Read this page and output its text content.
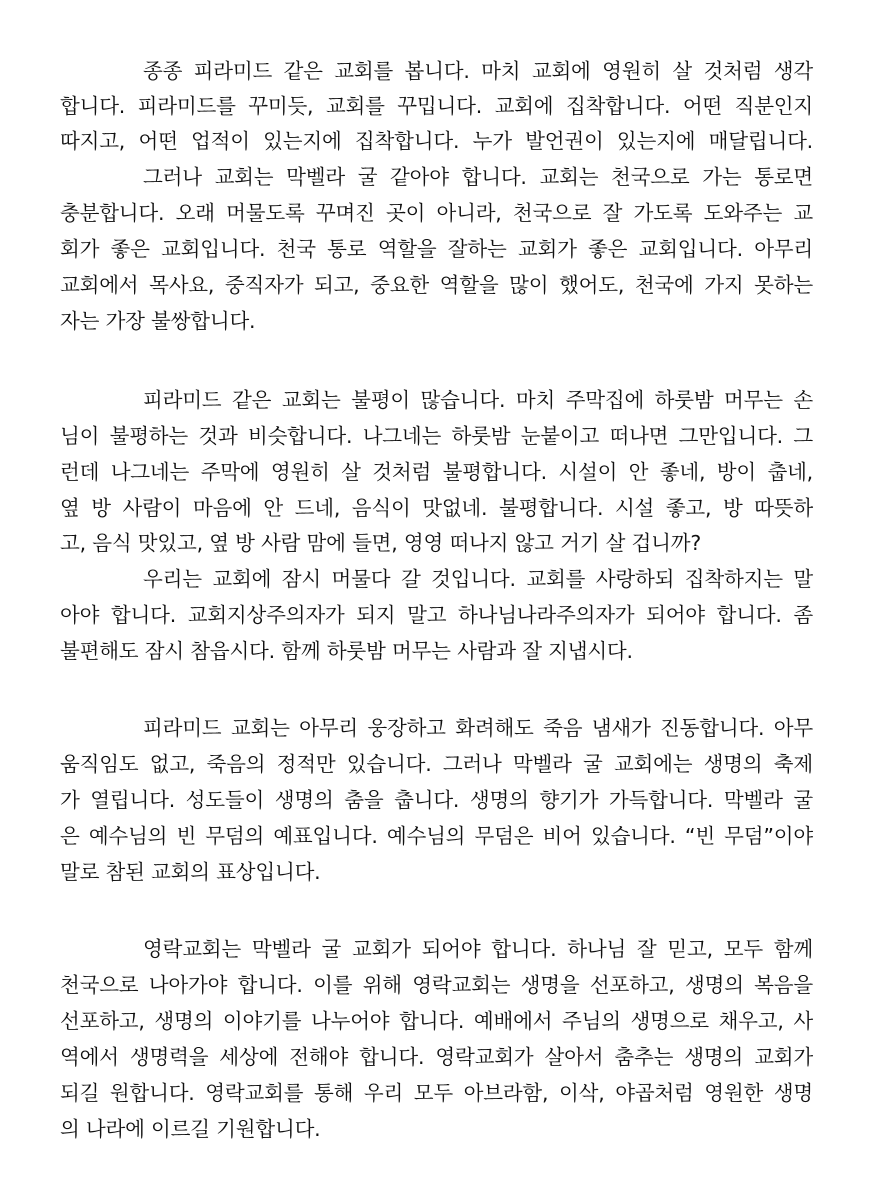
종종 피라미드 같은 교회를 봅니다. 마치 교회에 영원히 살 것처럼 생각
합니다. 피라미드를 꾸미듯, 교회를 꾸밉니다. 교회에 집착합니다. 어떤 직분인지
따지고, 어떤 업적이 있는지에 집착합니다. 누가 발언권이 있는지에 매달립니다.
그러나 교회는 막벨라 굴 같아야 합니다. 교회는 천국으로 가는 통로면
충분합니다. 오래 머물도록 꾸며진 곳이 아니라, 천국으로 잘 가도록 도와주는 교
회가 좋은 교회입니다. 천국 통로 역할을 잘하는 교회가 좋은 교회입니다. 아무리
교회에서 목사요, 중직자가 되고, 중요한 역할을 많이 했어도, 천국에 가지 못하는
자는 가장 불쌍합니다.
피라미드 같은 교회는 불평이 많습니다. 마치 주막집에 하룻밤 머무는 손
님이 불평하는 것과 비슷합니다. 나그네는 하룻밤 눈붙이고 떠나면 그만입니다. 그
런데 나그네는 주막에 영원히 살 것처럼 불평합니다. 시설이 안 좋네, 방이 춥네,
옆 방 사람이 마음에 안 드네, 음식이 맛없네. 불평합니다. 시설 좋고, 방 따뜻하
고, 음식 맛있고, 옆 방 사람 맘에 들면, 영영 떠나지 않고 거기 살 겁니까?
우리는 교회에 잠시 머물다 갈 것입니다. 교회를 사랑하되 집착하지는 말
아야 합니다. 교회지상주의자가 되지 말고 하나님나라주의자가 되어야 합니다. 좀
불편해도 잠시 참읍시다. 함께 하룻밤 머무는 사람과 잘 지냅시다.
피라미드 교회는 아무리 웅장하고 화려해도 죽음 냄새가 진동합니다. 아무
움직임도 없고, 죽음의 정적만 있습니다. 그러나 막벨라 굴 교회에는 생명의 축제
가 열립니다. 성도들이 생명의 춤을 춥니다. 생명의 향기가 가득합니다. 막벨라 굴
은 예수님의 빈 무덤의 예표입니다. 예수님의 무덤은 비어 있습니다. “빈 무덤”이야
말로 참된 교회의 표상입니다.
영락교회는 막벨라 굴 교회가 되어야 합니다. 하나님 잘 믿고, 모두 함께
천국으로 나아가야 합니다. 이를 위해 영락교회는 생명을 선포하고, 생명의 복음을
선포하고, 생명의 이야기를 나누어야 합니다. 예배에서 주님의 생명으로 채우고, 사
역에서 생명력을 세상에 전해야 합니다. 영락교회가 살아서 춤추는 생명의 교회가
되길 원합니다. 영락교회를 통해 우리 모두 아브라함, 이삭, 야곱처럼 영원한 생명
의 나라에 이르길 기원합니다.
